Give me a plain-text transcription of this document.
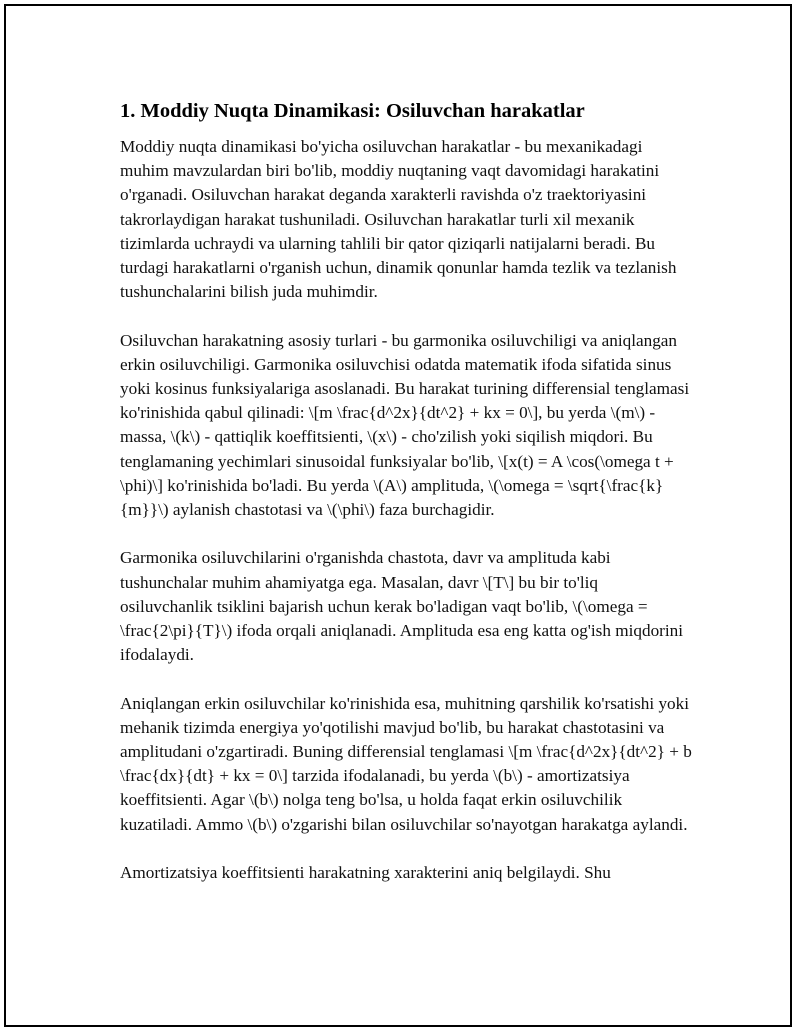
1. Moddiy Nuqta Dinamikasi: Osiluvchan harakatlar

Moddiy nuqta dinamikasi bo'yicha osiluvchan harakatlar - bu mexanikadagi muhim mavzulardan biri bo'lib, moddiy nuqtaning vaqt davomidagi harakatini o'rganadi. Osiluvchan harakat deganda xarakterli ravishda o'z traektoriyasini takrorlaydigan harakat tushuniladi. Osiluvchan harakatlar turli xil mexanik tizimlarda uchraydi va ularning tahlili bir qator qiziqarli natijalarni beradi. Bu turdagi harakatlarni o'rganish uchun, dinamik qonunlar hamda tezlik va tezlanish tushunchalarini bilish juda muhimdir.

Osiluvchan harakatning asosiy turlari - bu garmonika osiluvchiligi va aniqlangan erkin osiluvchiligi. Garmonika osiluvchisi odatda matematik ifoda sifatida sinus yoki kosinus funksiyalariga asoslanadi. Bu harakat turining differensial tenglamasi ko'rinishida qabul qilinadi: \[m \frac{d^2x}{dt^2} + kx = 0\], bu yerda \(m\) - massa, \(k\) - qattiqlik koeffitsienti, \(x\) - cho'zilish yoki siqilish miqdori. Bu tenglamaning yechimlari sinusoidal funksiyalar bo'lib, \[x(t) = A \cos(\omega t + \phi)\] ko'rinishida bo'ladi. Bu yerda \(A\) amplituda, \(\omega = \sqrt{\frac{k}{m}}\) aylanish chastotasi va \(\phi\) faza burchagidir.

Garmonika osiluvchilarini o'rganishda chastota, davr va amplituda kabi tushunchalar muhim ahamiyatga ega. Masalan, davr \[T\] bu bir to'liq osiluvchanlik tsiklini bajarish uchun kerak bo'ladigan vaqt bo'lib, \(\omega = \frac{2\pi}{T}\) ifoda orqali aniqlanadi. Amplituda esa eng katta og'ish miqdorini ifodalaydi.

Aniqlangan erkin osiluvchilar ko'rinishida esa, muhitning qarshilik ko'rsatishi yoki mehanik tizimda energiya yo'qotilishi mavjud bo'lib, bu harakat chastotasini va amplitudani o'zgartiradi. Buning differensial tenglamasi \[m \frac{d^2x}{dt^2} + b \frac{dx}{dt} + kx = 0\] tarzida ifodalanadi, bu yerda \(b\) - amortizatsiya koeffitsienti. Agar \(b\) nolga teng bo'lsa, u holda faqat erkin osiluvchilik kuzatiladi. Ammo \(b\) o'zgarishi bilan osiluvchilar so'nayotgan harakatga aylandi.

Amortizatsiya koeffitsienti harakatning xarakterini aniq belgilaydi. Shu
